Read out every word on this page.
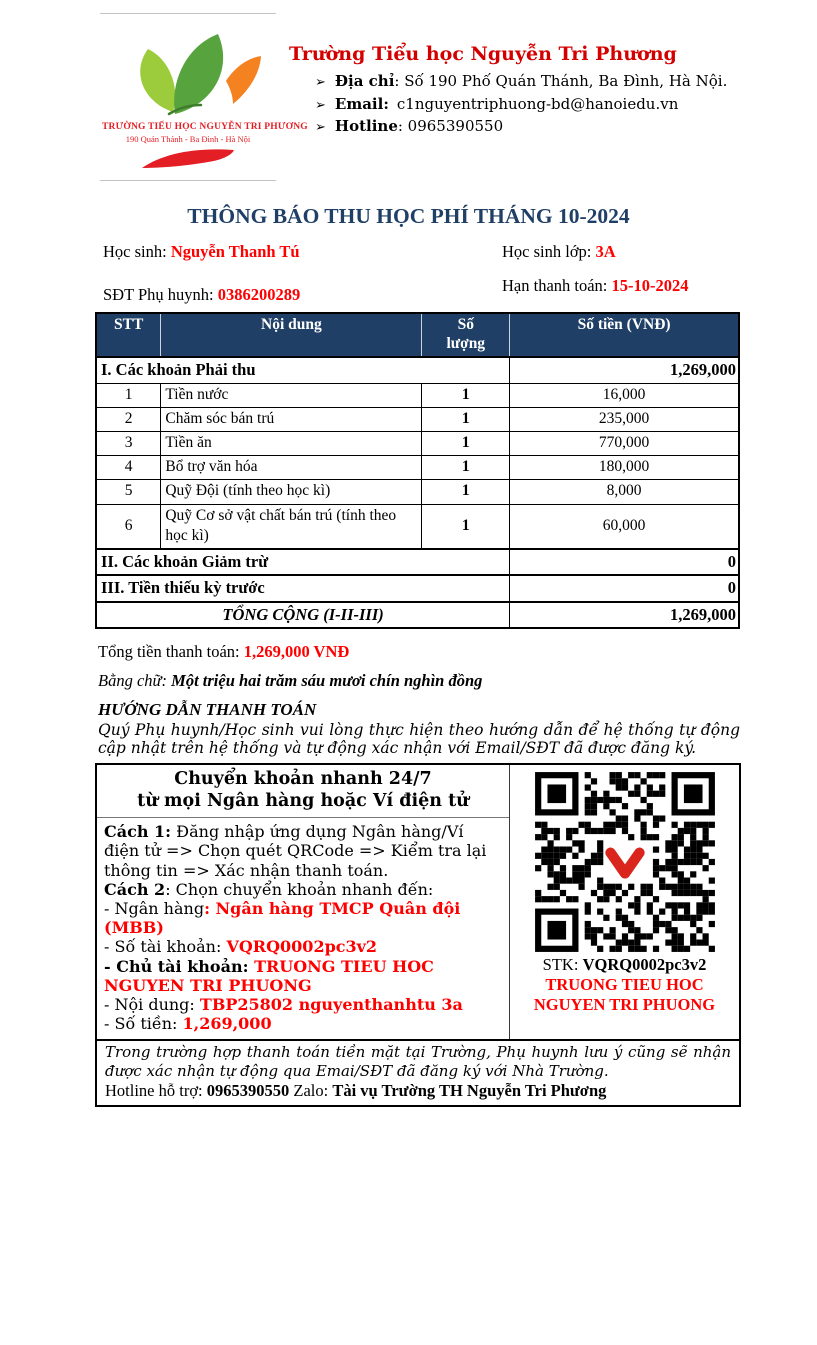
TRƯỜNG TIỂU HỌC NGUYỄN TRI PHƯƠNG
190 Quán Thánh - Ba Đình - Hà Nội
Trường Tiểu học Nguyễn Tri Phương
➢ Địa chỉ: Số 190 Phố Quán Thánh, Ba Đình, Hà Nội.
➢ Email: c1nguyentriphuong-bd@hanoiedu.vn
➢ Hotline: 0965390550
THÔNG BÁO THU HỌC PHÍ THÁNG 10-2024
Học sinh: Nguyễn Thanh Tú	Học sinh lớp: 3A
SĐT Phụ huynh: 0386200289	Hạn thanh toán: 15-10-2024
STT	Nội dung	Số lượng	Số tiền (VNĐ)
I. Các khoản Phải thu			1,269,000
1	Tiền nước	1	16,000
2	Chăm sóc bán trú	1	235,000
3	Tiền ăn	1	770,000
4	Bổ trợ văn hóa	1	180,000
5	Quỹ Đội (tính theo học kì)	1	8,000
6	Quỹ Cơ sở vật chất bán trú (tính theo học kì)	1	60,000
II. Các khoản Giảm trừ			0
III. Tiền thiếu kỳ trước			0
TỔNG CỘNG (I-II-III)			1,269,000
Tổng tiền thanh toán: 1,269,000 VNĐ
Bằng chữ: Một triệu hai trăm sáu mươi chín nghìn đồng
HƯỚNG DẪN THANH TOÁN
Quý Phụ huynh/Học sinh vui lòng thực hiện theo hướng dẫn để hệ thống tự động cập nhật trên hệ thống và tự động xác nhận với Email/SĐT đã được đăng ký.
Chuyển khoản nhanh 24/7
từ mọi Ngân hàng hoặc Ví điện tử
Cách 1: Đăng nhập ứng dụng Ngân hàng/Ví điện tử => Chọn quét QRCode => Kiểm tra lại thông tin => Xác nhận thanh toán.
Cách 2: Chọn chuyển khoản nhanh đến:
- Ngân hàng: Ngân hàng TMCP Quân đội (MBB)
- Số tài khoản: VQRQ0002pc3v2
- Chủ tài khoản: TRUONG TIEU HOC NGUYEN TRI PHUONG
- Nội dung: TBP25802 nguyenthanhtu 3a
- Số tiền: 1,269,000
STK: VQRQ0002pc3v2
TRUONG TIEU HOC
NGUYEN TRI PHUONG
Trong trường hợp thanh toán tiền mặt tại Trường, Phụ huynh lưu ý cũng sẽ nhận được xác nhận tự động qua Emai/SĐT đã đăng ký với Nhà Trường.
Hotline hỗ trợ: 0965390550 Zalo: Tài vụ Trường TH Nguyễn Tri Phương
